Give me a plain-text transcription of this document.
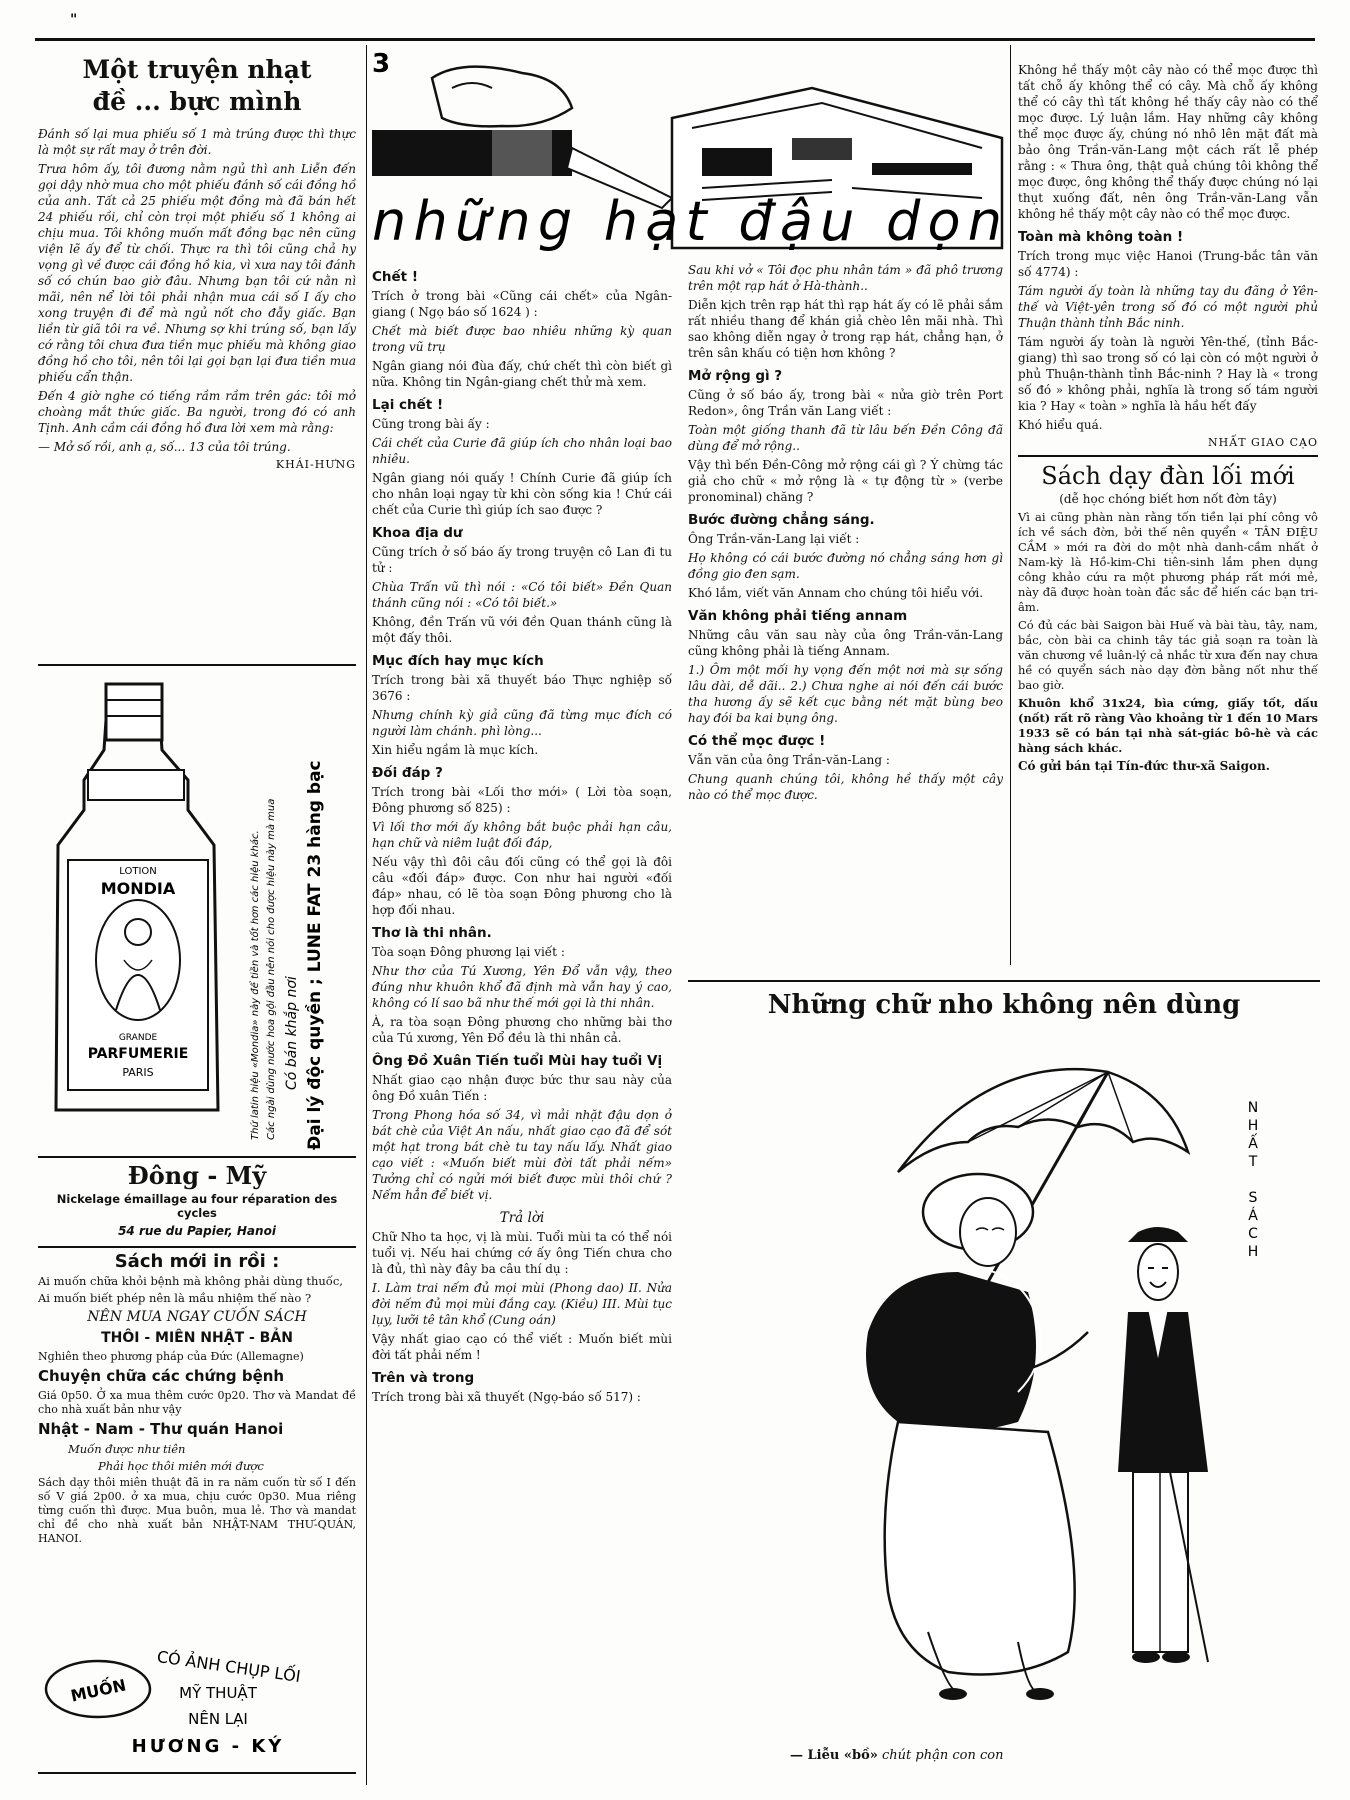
"
Một truyện nhạt
đề ... bực mình

Đánh số lại mua phiếu số 1 mà trúng được thì thực là một sự rất may ở trên đời.

Trưa hôm ấy, tôi đương nằm ngủ thì anh Liễn đến gọi dậy nhờ mua cho một phiếu đánh số cái đồng hồ của anh. Tất cả 25 phiếu một đồng mà đã bán hết 24 phiếu rồi, chỉ còn trọi một phiếu số 1 không ai chịu mua. Tôi không muốn mất đồng bạc nên cũng viện lẽ ấy để từ chối. Thực ra thì tôi cũng chả hy vọng gì về được cái đồng hồ kia, vì xưa nay tôi đánh số có chún bao giờ đâu. Nhưng bạn tôi cứ nằn nì mãi, nên nể lời tôi phải nhận mua cái số I ấy cho xong truyện đi để mà ngủ nốt cho đẫy giấc. Bạn liền từ giã tôi ra về. Nhưng sợ khi trúng số, bạn lấy cớ rằng tôi chưa đưa tiền mục phiếu mà không giao đồng hồ cho tôi, nên tôi lại gọi bạn lại đưa tiền mua phiếu cẩn thận.

Đến 4 giờ nghe có tiếng rầm rầm trên gác: tôi mở choàng mắt thức giấc. Ba người, trong đó có anh Tịnh. Anh cầm cái đồng hồ đưa lời xem mà rằng:

— Mở số rồi, anh ạ, số... 13 của tôi trúng.

KHÁI-HƯNG
LOTION
MONDIA
GRANDE
PARFUMERIE
PARIS	Thứ latin hiệu «Mondia» này để tiền và tốt hơn các hiệu khác. Các ngài dùng nước hoa gội đầu nên nói cho được hiệu này mà mua Có bán khắp nơi Đại lý độc quyền ; LUNE FAT 23 hàng bạc
Đông - Mỹ

Nickelage émaillage au four réparation des cycles

54 rue du Papier, Hanoi

Sách mới in rồi :

Ai muốn chữa khỏi bệnh mà không phải dùng thuốc,

Ai muốn biết phép nên là mầu nhiệm thế nào ?

NÊN MUA NGAY CUỐN SÁCH

THÔI - MIÊN NHẬT - BẢN

Nghiên theo phương pháp của Đức (Allemagne)

Chuyện chữa các chứng bệnh

Giá 0p50. Ở xa mua thêm cước 0p20. Thơ và Mandat đề cho nhà xuất bản như vậy

Nhật - Nam - Thư quán Hanoi

Muốn được như tiên

Phải học thôi miên mới được

Sách dạy thôi miên thuật đã in ra năm cuốn từ số I đến số V giá 2p00. ở xa mua, chịu cước 0p30. Mua riêng từng cuốn thì được. Mua buôn, mua lẻ. Thơ và mandat chỉ đề cho nhà xuất bản NHẬT-NAM THƯ-QUÁN, HANOI.

MUỐN
CÓ ẢNH CHỤP LỐI
MỸ THUẬT
NÊN LẠI
HƯƠNG - KÝ
3
những hạt đậu dọn
Chết !

Trích ở trong bài «Cũng cái chết» của Ngân-giang ( Ngọ báo số 1624 ) :

Chết mà biết được bao nhiêu những kỳ quan trong vũ trụ

Ngân giang nói đùa đấy, chứ chết thì còn biết gì nữa. Không tin Ngân-giang chết thử mà xem.

Lại chết !

Cũng trong bài ấy :

Cái chết của Curie đã giúp ích cho nhân loại bao nhiêu.

Ngân giang nói quấy ! Chính Curie đã giúp ích cho nhân loại ngay từ khi còn sống kia ! Chứ cái chết của Curie thì giúp ích sao được ?

Khoa địa dư

Cũng trích ở số báo ấy trong truyện cô Lan đi tu tử :

Chùa Trấn vũ thì nói : «Có tôi biết» Đền Quan thánh cũng nói : «Có tôi biết.»

Không, đền Trấn vũ với đền Quan thánh cũng là một đấy thôi.

Mục đích hay mục kích

Trích trong bài xã thuyết báo Thực nghiệp số 3676 :

Nhưng chính kỳ giả cũng đã từng mục đích có người làm chánh. phì lòng...

Xin hiểu ngầm là mục kích.

Đối đáp ?

Trích trong bài «Lối thơ mới» ( Lời tòa soạn, Đông phương số 825) :

Vì lối thơ mới ấy không bắt buộc phải hạn câu, hạn chữ và niêm luật đối đáp,

Nếu vậy thì đôi câu đối cũng có thể gọi là đôi câu «đối đáp» được. Con như hai người «đối đáp» nhau, có lẽ tòa soạn Đông phương cho là hợp đối nhau.

Thơ là thi nhân.

Tòa soạn Đông phương lại viết :

Như thơ của Tú Xương, Yên Đổ vẫn vậy, theo đúng như khuôn khổ đã định mà vẫn hay ý cao, không có lí sao bã như thế mới gọi là thi nhân.

À, ra tòa soạn Đông phương cho những bài thơ của Tú xương, Yên Đổ đều là thi nhân cả.

Ông Đồ Xuân Tiến tuổi Mùi hay tuổi Vị

Nhất giao cạo nhận được bức thư sau này của ông Đồ xuân Tiến :

Trong Phong hóa số 34, vì mải nhặt đậu dọn ở bát chè của Việt An nấu, nhất giao cạo đã để sót một hạt trong bát chè tu tay nấu lấy. Nhất giao cạo viết : «Muốn biết mùi đời tất phải nếm» Tưởng chỉ có ngửi mới biết được mùi thôi chứ ? Nếm hẳn để biết vị.

Trả lời

Chữ Nho ta học, vị là mùi. Tuổi mùi ta có thể nói tuổi vị. Nếu hai chứng cớ ấy ông Tiến chưa cho là đủ, thì này đây ba câu thí dụ :

I. Làm trai nếm đủ mọi mùi (Phong dao) II. Nửa đời nếm đủ mọi mùi đắng cay. (Kiều) III. Mùi tục lụy, lưỡi tê tân khổ (Cung oán)

Vậy nhất giao cạo có thể viết : Muốn biết mùi đời tất phải nếm !

Trên và trong

Trích trong bài xã thuyết (Ngọ-báo số 517) :

Sau khi vở « Tôi đọc phu nhân tám » đã phô trương trên một rạp hát ở Hà-thành..

Diễn kịch trên rạp hát thì rạp hát ấy có lẽ phải sắm rất nhiều thang để khán giả chèo lên mãi nhà. Thì sao không diễn ngay ở trong rạp hát, chẳng hạn, ở trên sân khấu có tiện hơn không ?

Mở rộng gì ?

Cũng ở số báo ấy, trong bài « nửa giờ trên Port Redon», ông Trần văn Lang viết :

Toàn một giống thanh đã từ lâu bến Đền Công đã dùng để mở rộng..

Vậy thì bến Đền-Công mở rộng cái gì ? Ý chừng tác giả cho chữ « mở rộng là « tự động từ » (verbe pronominal) chăng ?

Bước đường chẳng sáng.

Ông Trần-văn-Lang lại viết :

Họ không có cái bước đường nó chẳng sáng hơn gì đồng gio đen sạm.

Khó lắm, viết văn Annam cho chúng tôi hiểu với.

Văn không phải tiếng annam

Những câu văn sau này của ông Trần-văn-Lang cũng không phải là tiếng Annam.

1.) Ôm một mối hy vọng đến một nơi mà sự sống lâu dài, dễ dãi.. 2.) Chưa nghe ai nói đến cái bước tha hương ấy sẽ kết cục bằng nét mặt bùng beo hay đói ba kai bụng ông.

Có thể mọc được !

Vẫn văn của ông Trần-văn-Lang :

Chung quanh chúng tôi, không hề thấy một cây nào có thể mọc được.

Không hề thấy một cây nào có thể mọc được thì tất chỗ ấy không thể có cây. Mà chỗ ấy không thể có cây thì tất không hề thấy cây nào có thể mọc được. Lý luận lắm. Hay những cây không thể mọc được ấy, chúng nó nhô lên mặt đất mà bảo ông Trần-văn-Lang một cách rất lễ phép rằng : « Thưa ông, thật quả chúng tôi không thể mọc được, ông không thể thấy được chúng nó lại thụt xuống đất, nên ông Trần-văn-Lang vẫn không hề thấy một cây nào có thể mọc được.

Toàn mà không toàn !

Trích trong mục việc Hanoi (Trung-bắc tân văn số 4774) :

Tám người ấy toàn là những tay du đãng ở Yên-thế và Việt-yên trong số đó có một người phủ Thuận thành tỉnh Bắc ninh.

Tám người ấy toàn là người Yên-thế, (tỉnh Bắc-giang) thì sao trong số có lại còn có một người ở phủ Thuận-thành tỉnh Bắc-ninh ? Hay là « trong số đó » không phải, nghĩa là trong số tám người kia ? Hay « toàn » nghĩa là hầu hết đấy

Khó hiểu quá.

NHẤT GIAO CẠO
Sách dạy đàn lối mới

(dễ học chóng biết hơn nốt đờn tây)

Vì ai cũng phàn nàn rằng tốn tiền lại phí công vô ích về sách đờn, bởi thế nên quyển « TÂN ĐIỆU CẦM » mới ra đời do một nhà danh-cầm nhất ở Nam-kỳ là Hồ-kim-Chi tiên-sinh lắm phen dụng công khảo cứu ra một phương pháp rất mới mẻ, này đã được hoàn toàn đắc sắc để hiến các bạn tri-âm.

Có đủ các bài Saigon bài Huế và bài tàu, tây, nam, bắc, còn bài ca chinh tây tác giả soạn ra toàn là văn chương về luân-lý cả nhắc từ xưa đến nay chưa hề có quyển sách nào dạy đờn bằng nốt như thế bao giờ.

Khuôn khổ 31x24, bìa cứng, giấy tốt, dấu (nốt) rất rõ ràng Vào khoảng từ 1 đến 10 Mars 1933 sẽ có bán tại nhà sát-giác bô-hè và các hàng sách khác.

Có gửi bán tại Tín-đức thư-xã Saigon.

Những chữ nho không nên dùng
N
H
Ấ
T
S
Á
C
H
— Liễu «bồ» chút phận con con
